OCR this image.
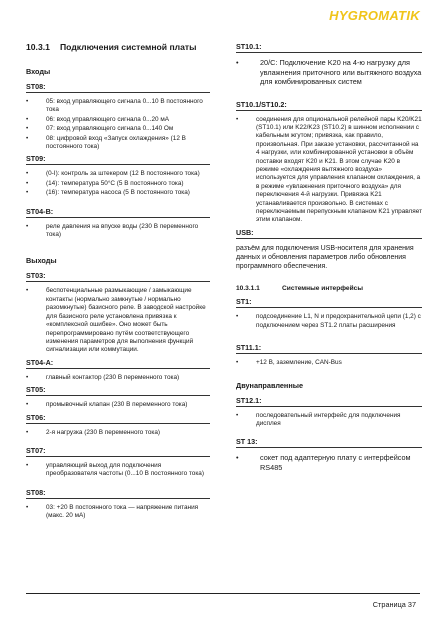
HYGROMATIK
10.3.1	Подключения системной платы
Входы
ST08:
•	05: вход управляющего сигнала 0...10 В постоянного тока
•	06: вход управляющего сигнала 0...20 мА
•	07: вход управляющего сигнала 0...140 Ом
•	08: цифровой вход «Запуск охлаждения» (12 В постоянного тока)
ST09:
•	(0-I): контроль за штекером (12 В постоянного тока)
•	(14): температура 50°С (5 В постоянного тока)
•	(16): температура насоса (5 В постоянного тока)
ST04-B:
•	реле давления на впуске воды (230 В переменного тока)
Выходы
ST03:
•	беспотенциальные размыкающие / замыкающие контакты (нормально замкнутые / нормально разомкнутые) базисного реле. В заводской настройке для базисного реле установлена привязка к «комплексной ошибке». Оно может быть перепрограммировано путём соответствующего изменения параметров для выполнения функций сигнализации или коммутации.
ST04-A:
•	главный контактор (230 В переменного тока)
ST05:
•	промывочный клапан (230 В переменного тока)
ST06:
•	2-я нагрузка (230 В переменного тока)
ST07:
•	управляющий выход для подключения преобразователя частоты (0...10 В постоянного тока)
ST08:
•	03: +20 В постоянного тока — напряжение питания (макс. 20 мА)
ST10.1:
•	20/C: Подключение K20 на 4-ю нагрузку для увлажнения приточного или вытяжного воздуха для комбинированных систем
ST10.1/ST10.2:
•	соединения для опциональной релейной пары K20/K21 (ST10.1) или K22/K23 (ST10.2) в шинном исполнении с кабельным жгутом; привязка, как правило, произвольная. При заказе установки, рассчитанной на 4 нагрузки, или комбинированной установки в объём поставки входят K20 и K21. В этом случае K20 в режиме «охлаждения вытяжного воздуха» используется для управления клапаном охлаждения, а в режиме «увлажнения приточного воздуха» для переключения 4-й нагрузки. Привязка K21 устанавливается произвольно. В системах с переключаемым перепускным клапаном K21 управляет этим клапаном.
USB:
разъём для подключения USB-носителя для хранения данных и обновления параметров либо обновления программного обеспечения.
10.3.1.1	Системные интерфейсы
ST1:
•	подсоединение L1, N и предохранительной цепи (1,2) с подключением через ST1.2 платы расширения
ST11.1:
•	+12 В, заземление, CAN-Bus
Двунаправленные
ST12.1:
•	последовательный интерфейс для подключения дисплея
ST 13:
•	сокет под адаптерную плату с интерфейсом RS485
Страница 37
